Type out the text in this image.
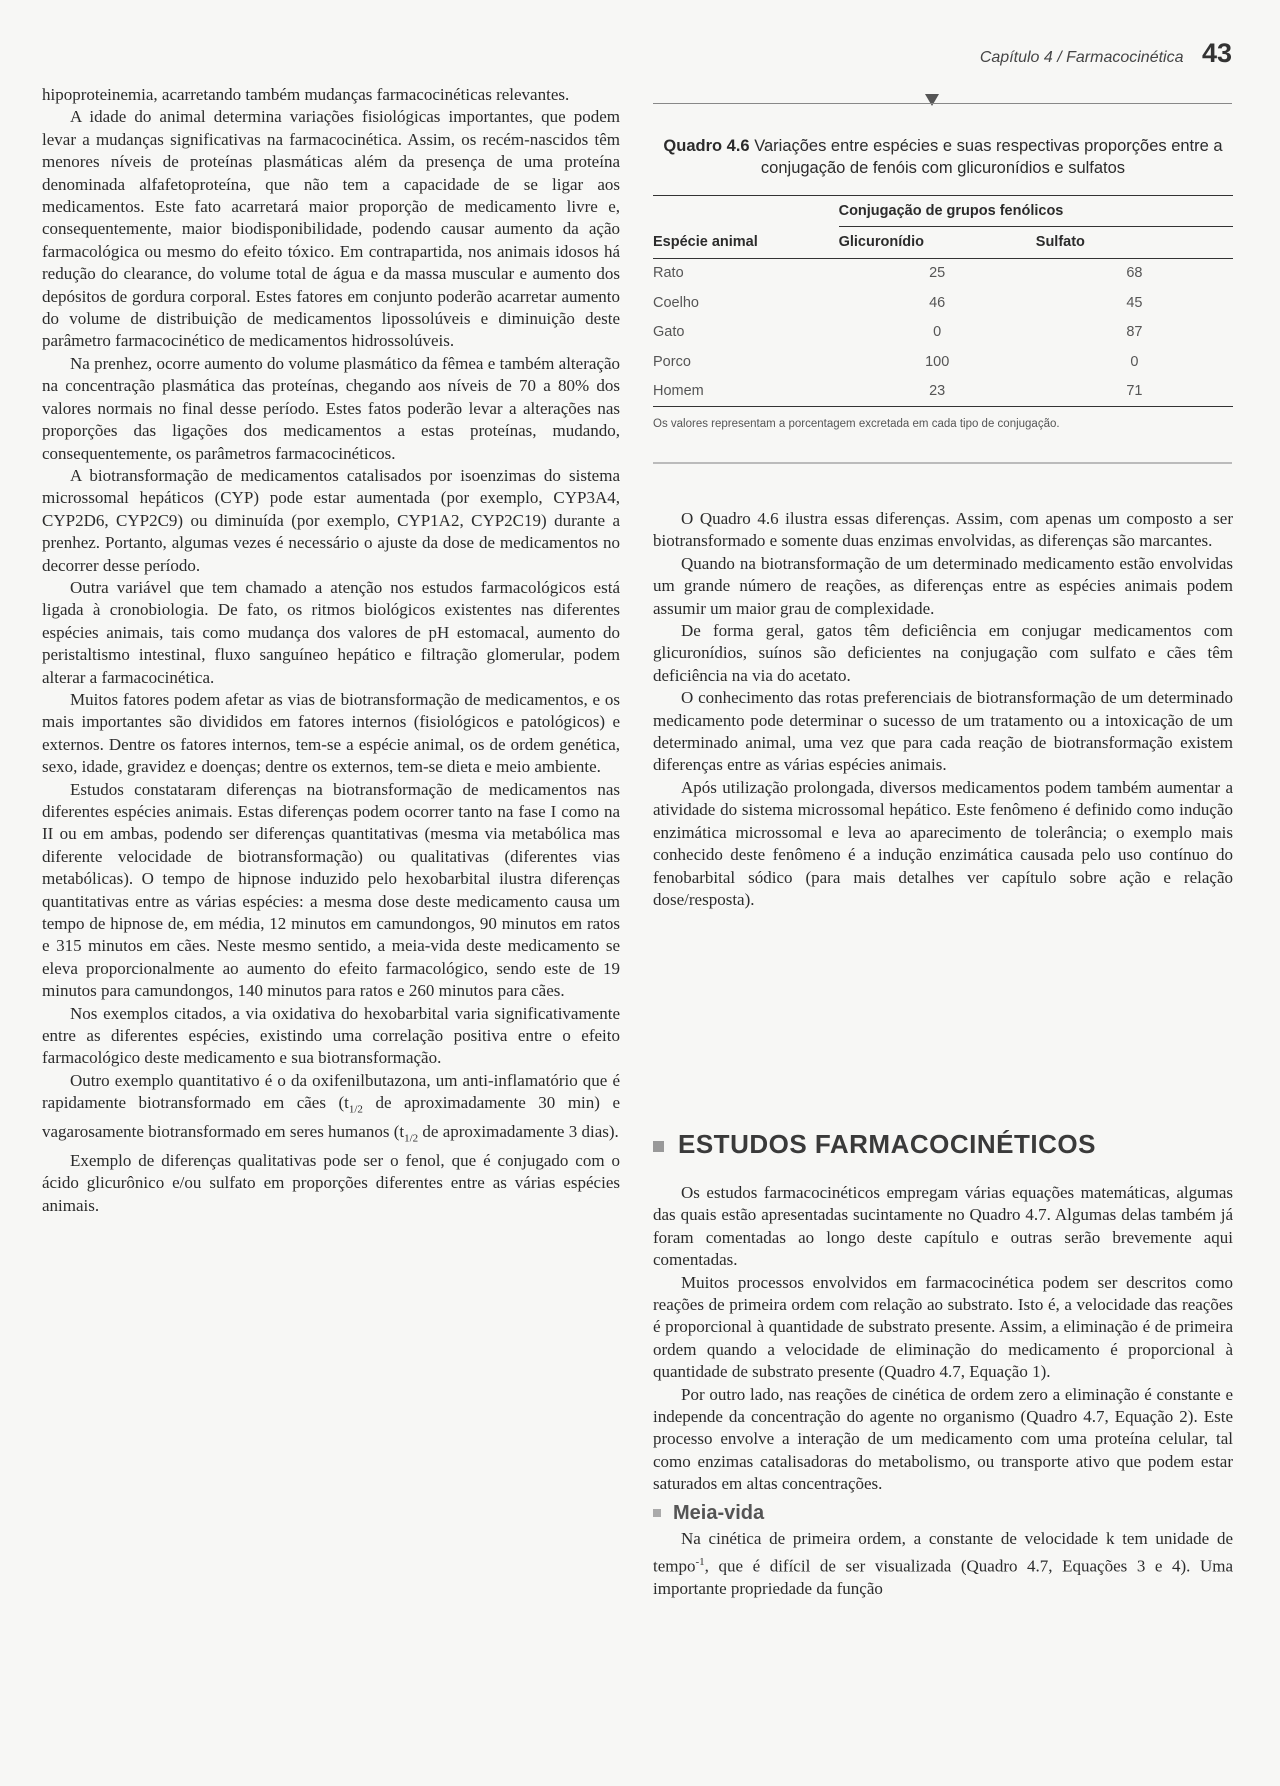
Capítulo 4 / Farmacocinética 43

hipoproteinemia, acarretando também mudanças farmacocinéticas relevantes.

A idade do animal determina variações fisiológicas importantes, que podem levar a mudanças significativas na farmacocinética. Assim, os recém-nascidos têm menores níveis de proteínas plasmáticas além da presença de uma proteína denominada alfafetoproteína, que não tem a capacidade de se ligar aos medicamentos. Este fato acarretará maior proporção de medicamento livre e, consequentemente, maior biodisponibilidade, podendo causar aumento da ação farmacológica ou mesmo do efeito tóxico. Em contrapartida, nos animais idosos há redução do clearance, do volume total de água e da massa muscular e aumento dos depósitos de gordura corporal. Estes fatores em conjunto poderão acarretar aumento do volume de distribuição de medicamentos lipossolúveis e diminuição deste parâmetro farmacocinético de medicamentos hidrossolúveis.

Na prenhez, ocorre aumento do volume plasmático da fêmea e também alteração na concentração plasmática das proteínas, chegando aos níveis de 70 a 80% dos valores normais no final desse período. Estes fatos poderão levar a alterações nas proporções das ligações dos medicamentos a estas proteínas, mudando, consequentemente, os parâmetros farmacocinéticos.

A biotransformação de medicamentos catalisados por isoenzimas do sistema microssomal hepáticos (CYP) pode estar aumentada (por exemplo, CYP3A4, CYP2D6, CYP2C9) ou diminuída (por exemplo, CYP1A2, CYP2C19) durante a prenhez. Portanto, algumas vezes é necessário o ajuste da dose de medicamentos no decorrer desse período.

Outra variável que tem chamado a atenção nos estudos farmacológicos está ligada à cronobiologia. De fato, os ritmos biológicos existentes nas diferentes espécies animais, tais como mudança dos valores de pH estomacal, aumento do peristaltismo intestinal, fluxo sanguíneo hepático e filtração glomerular, podem alterar a farmacocinética.

Muitos fatores podem afetar as vias de biotransformação de medicamentos, e os mais importantes são divididos em fatores internos (fisiológicos e patológicos) e externos. Dentre os fatores internos, tem-se a espécie animal, os de ordem genética, sexo, idade, gravidez e doenças; dentre os externos, tem-se dieta e meio ambiente.

Estudos constataram diferenças na biotransformação de medicamentos nas diferentes espécies animais. Estas diferenças podem ocorrer tanto na fase I como na II ou em ambas, podendo ser diferenças quantitativas (mesma via metabólica mas diferente velocidade de biotransformação) ou qualitativas (diferentes vias metabólicas). O tempo de hipnose induzido pelo hexobarbital ilustra diferenças quantitativas entre as várias espécies: a mesma dose deste medicamento causa um tempo de hipnose de, em média, 12 minutos em camundongos, 90 minutos em ratos e 315 minutos em cães. Neste mesmo sentido, a meia-vida deste medicamento se eleva proporcionalmente ao aumento do efeito farmacológico, sendo este de 19 minutos para camundongos, 140 minutos para ratos e 260 minutos para cães.

Nos exemplos citados, a via oxidativa do hexobarbital varia significativamente entre as diferentes espécies, existindo uma correlação positiva entre o efeito farmacológico deste medicamento e sua biotransformação.

Outro exemplo quantitativo é o da oxifenilbutazona, um anti-inflamatório que é rapidamente biotransformado em cães ($t_{1/2}$ de aproximadamente 30 min) e vagarosamente biotransformado em seres humanos ($t_{1/2}$ de aproximadamente 3 dias).

Exemplo de diferenças qualitativas pode ser o fenol, que é conjugado com o ácido glicurônico e/ou sulfato em proporções diferentes entre as várias espécies animais.

Quadro 4.6 Variações entre espécies e suas respectivas proporções entre a conjugação de fenóis com glicuronídios e sulfatos
	Conjugação de grupos fenólicos	
Espécie animal	Glicuronídio	Sulfato
Rato	25	68
Coelho	46	45
Gato	0	87
Porco	100	0
Homem	23	71
Os valores representam a porcentagem excretada em cada tipo de conjugação.

O Quadro 4.6 ilustra essas diferenças. Assim, com apenas um composto a ser biotransformado e somente duas enzimas envolvidas, as diferenças são marcantes.

Quando na biotransformação de um determinado medicamento estão envolvidas um grande número de reações, as diferenças entre as espécies animais podem assumir um maior grau de complexidade.

De forma geral, gatos têm deficiência em conjugar medicamentos com glicuronídios, suínos são deficientes na conjugação com sulfato e cães têm deficiência na via do acetato.

O conhecimento das rotas preferenciais de biotransformação de um determinado medicamento pode determinar o sucesso de um tratamento ou a intoxicação de um determinado animal, uma vez que para cada reação de biotransformação existem diferenças entre as várias espécies animais.

Após utilização prolongada, diversos medicamentos podem também aumentar a atividade do sistema microssomal hepático. Este fenômeno é definido como indução enzimática microssomal e leva ao aparecimento de tolerância; o exemplo mais conhecido deste fenômeno é a indução enzimática causada pelo uso contínuo do fenobarbital sódico (para mais detalhes ver capítulo sobre ação e relação dose/resposta).

ESTUDOS FARMACOCINÉTICOS

Os estudos farmacocinéticos empregam várias equações matemáticas, algumas das quais estão apresentadas sucintamente no Quadro 4.7. Algumas delas também já foram comentadas ao longo deste capítulo e outras serão brevemente aqui comentadas.

Muitos processos envolvidos em farmacocinética podem ser descritos como reações de primeira ordem com relação ao substrato. Isto é, a velocidade das reações é proporcional à quantidade de substrato presente. Assim, a eliminação é de primeira ordem quando a velocidade de eliminação do medicamento é proporcional à quantidade de substrato presente (Quadro 4.7, Equação 1).

Por outro lado, nas reações de cinética de ordem zero a eliminação é constante e independe da concentração do agente no organismo (Quadro 4.7, Equação 2). Este processo envolve a interação de um medicamento com uma proteína celular, tal como enzimas catalisadoras do metabolismo, ou transporte ativo que podem estar saturados em altas concentrações.

Meia-vida

Na cinética de primeira ordem, a constante de velocidade k tem unidade de tempo$^{-1}$, que é difícil de ser visualizada (Quadro 4.7, Equações 3 e 4). Uma importante propriedade da função
